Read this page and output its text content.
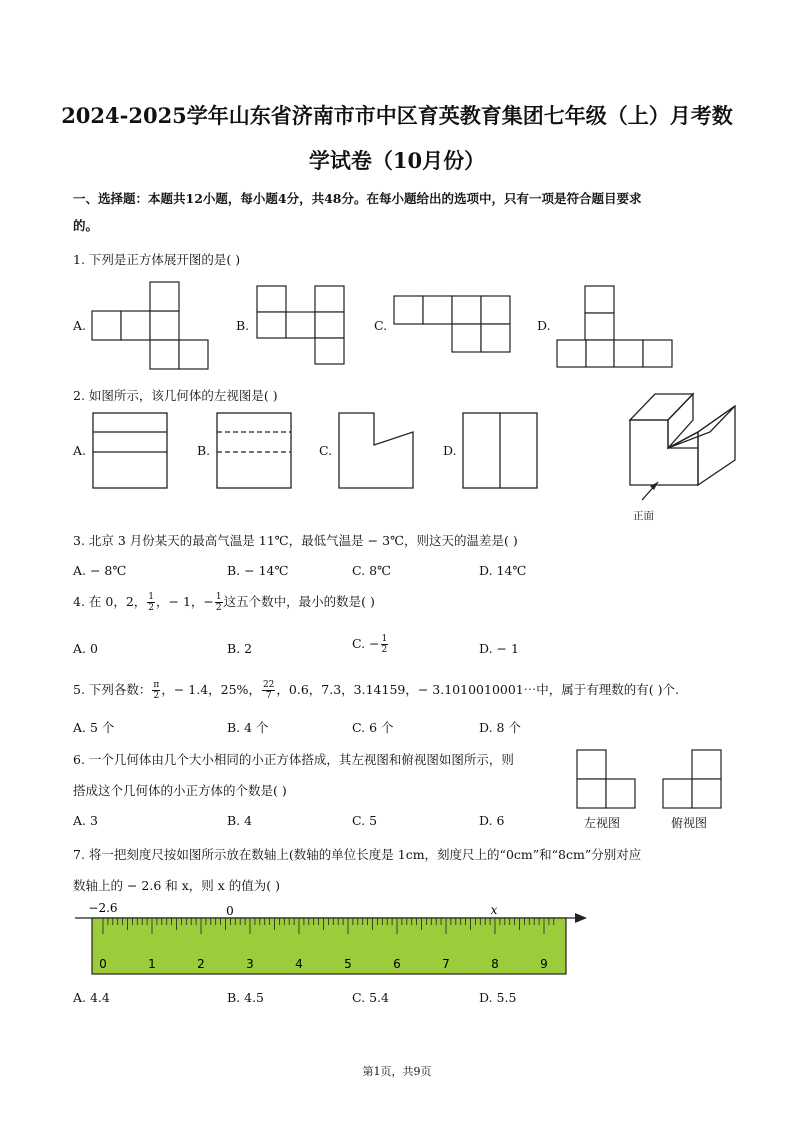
2024-2025学年山东省济南市市中区育英教育集团七年级（上）月考数
学试卷（10月份）
一、选择题：本题共12小题，每小题4分，共48分。在每小题给出的选项中，只有一项是符合题目要求
的。
1. 下列是正方体展开图的是( )
A.	B.	C.	D.
2. 如图所示，该几何体的左视图是( )
A.	B.	C.	D.
正面
3. 北京 3 月份某天的最高气温是 11℃，最低气温是 − 3℃，则这天的温差是( )
A. − 8℃	B. − 14℃	C. 8℃	D. 14℃
4. 在 0，2， $\frac{1}{2}$ ，− 1，− $\frac{1}{2}$ 这五个数中，最小的数是( )
A. 0	B. 2	C. − $\frac{1}{2}$	D. − 1
5. 下列各数： $\frac{\pi}{2}$ ，− 1.4̇，25%， $\frac{22}{7}$ ，0.6，7.3，3.14159，− 3.1010010001⋯中，属于有理数的有( )个.
A. 5 个	B. 4 个	C. 6 个	D. 8 个
6. 一个几何体由几个大小相同的小正方体搭成，其左视图和俯视图如图所示，则
搭成这个几何体的小正方体的个数是( )
A. 3	B. 4	C. 5	D. 6	左视图	俯视图
7. 将一把刻度尺按如图所示放在数轴上(数轴的单位长度是 1cm，刻度尺上的“0cm”和“8cm”分别对应
数轴上的 − 2.6 和 x，则 x 的值为( )
0	1	2	3	4	5	6	7	8	9
−2.6	0	x
A. 4.4	B. 4.5	C. 5.4	D. 5.5
第1页，共9页
